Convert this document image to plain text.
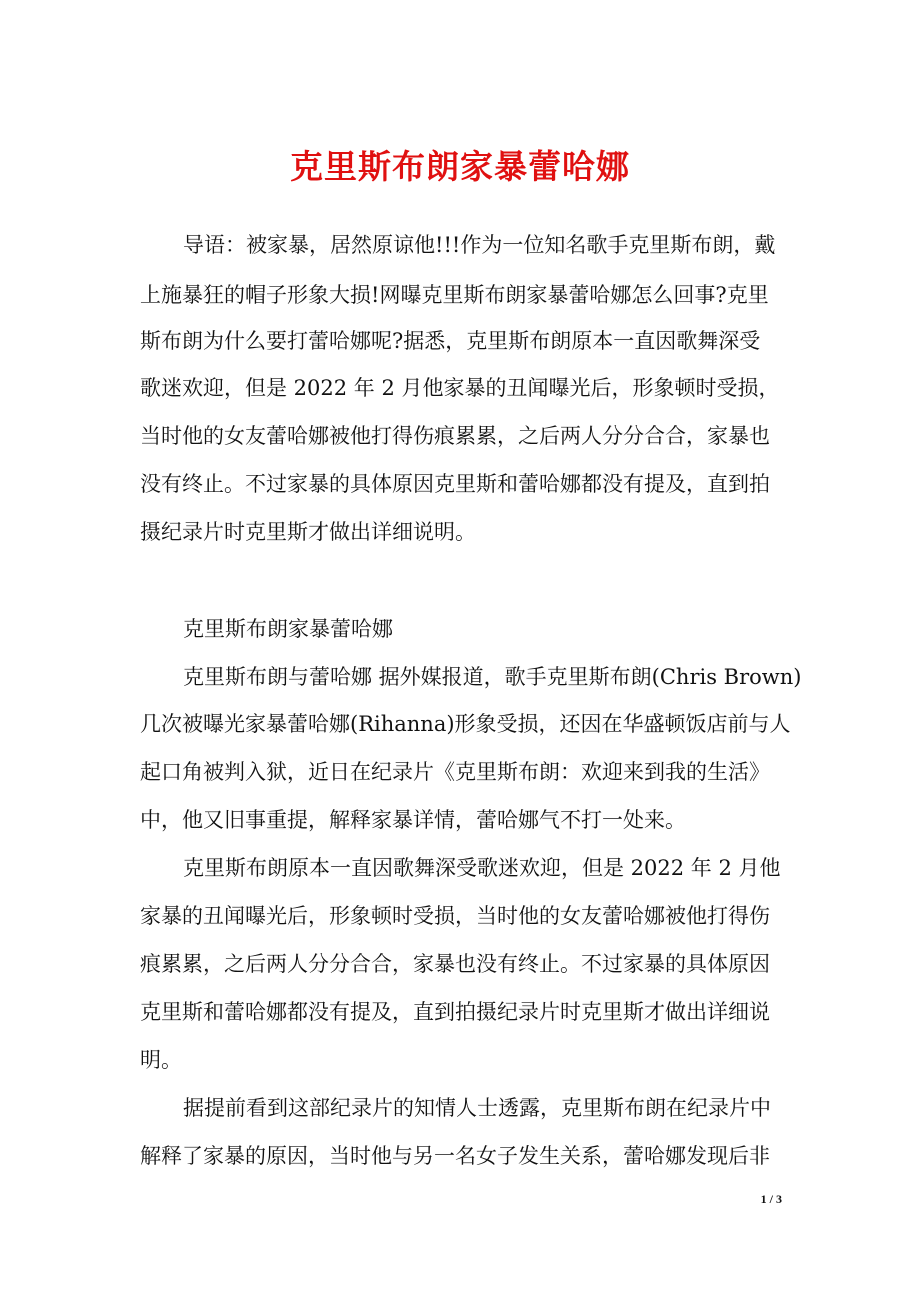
克里斯布朗家暴蕾哈娜
导语：被家暴，居然原谅他!!!作为一位知名歌手克里斯布朗，戴
上施暴狂的帽子形象大损!网曝克里斯布朗家暴蕾哈娜怎么回事?克里
斯布朗为什么要打蕾哈娜呢?据悉，克里斯布朗原本一直因歌舞深受
歌迷欢迎，但是 2022 年 2 月他家暴的丑闻曝光后，形象顿时受损，
当时他的女友蕾哈娜被他打得伤痕累累，之后两人分分合合，家暴也
没有终止。不过家暴的具体原因克里斯和蕾哈娜都没有提及，直到拍
摄纪录片时克里斯才做出详细说明。
克里斯布朗家暴蕾哈娜
克里斯布朗与蕾哈娜 据外媒报道，歌手克里斯布朗(Chris Brown)
几次被曝光家暴蕾哈娜(Rihanna)形象受损，还因在华盛顿饭店前与人
起口角被判入狱，近日在纪录片《克里斯布朗：欢迎来到我的生活》
中，他又旧事重提，解释家暴详情，蕾哈娜气不打一处来。
克里斯布朗原本一直因歌舞深受歌迷欢迎，但是 2022 年 2 月他
家暴的丑闻曝光后，形象顿时受损，当时他的女友蕾哈娜被他打得伤
痕累累，之后两人分分合合，家暴也没有终止。不过家暴的具体原因
克里斯和蕾哈娜都没有提及，直到拍摄纪录片时克里斯才做出详细说
明。
据提前看到这部纪录片的知情人士透露，克里斯布朗在纪录片中
解释了家暴的原因，当时他与另一名女子发生关系，蕾哈娜发现后非
1 / 3
